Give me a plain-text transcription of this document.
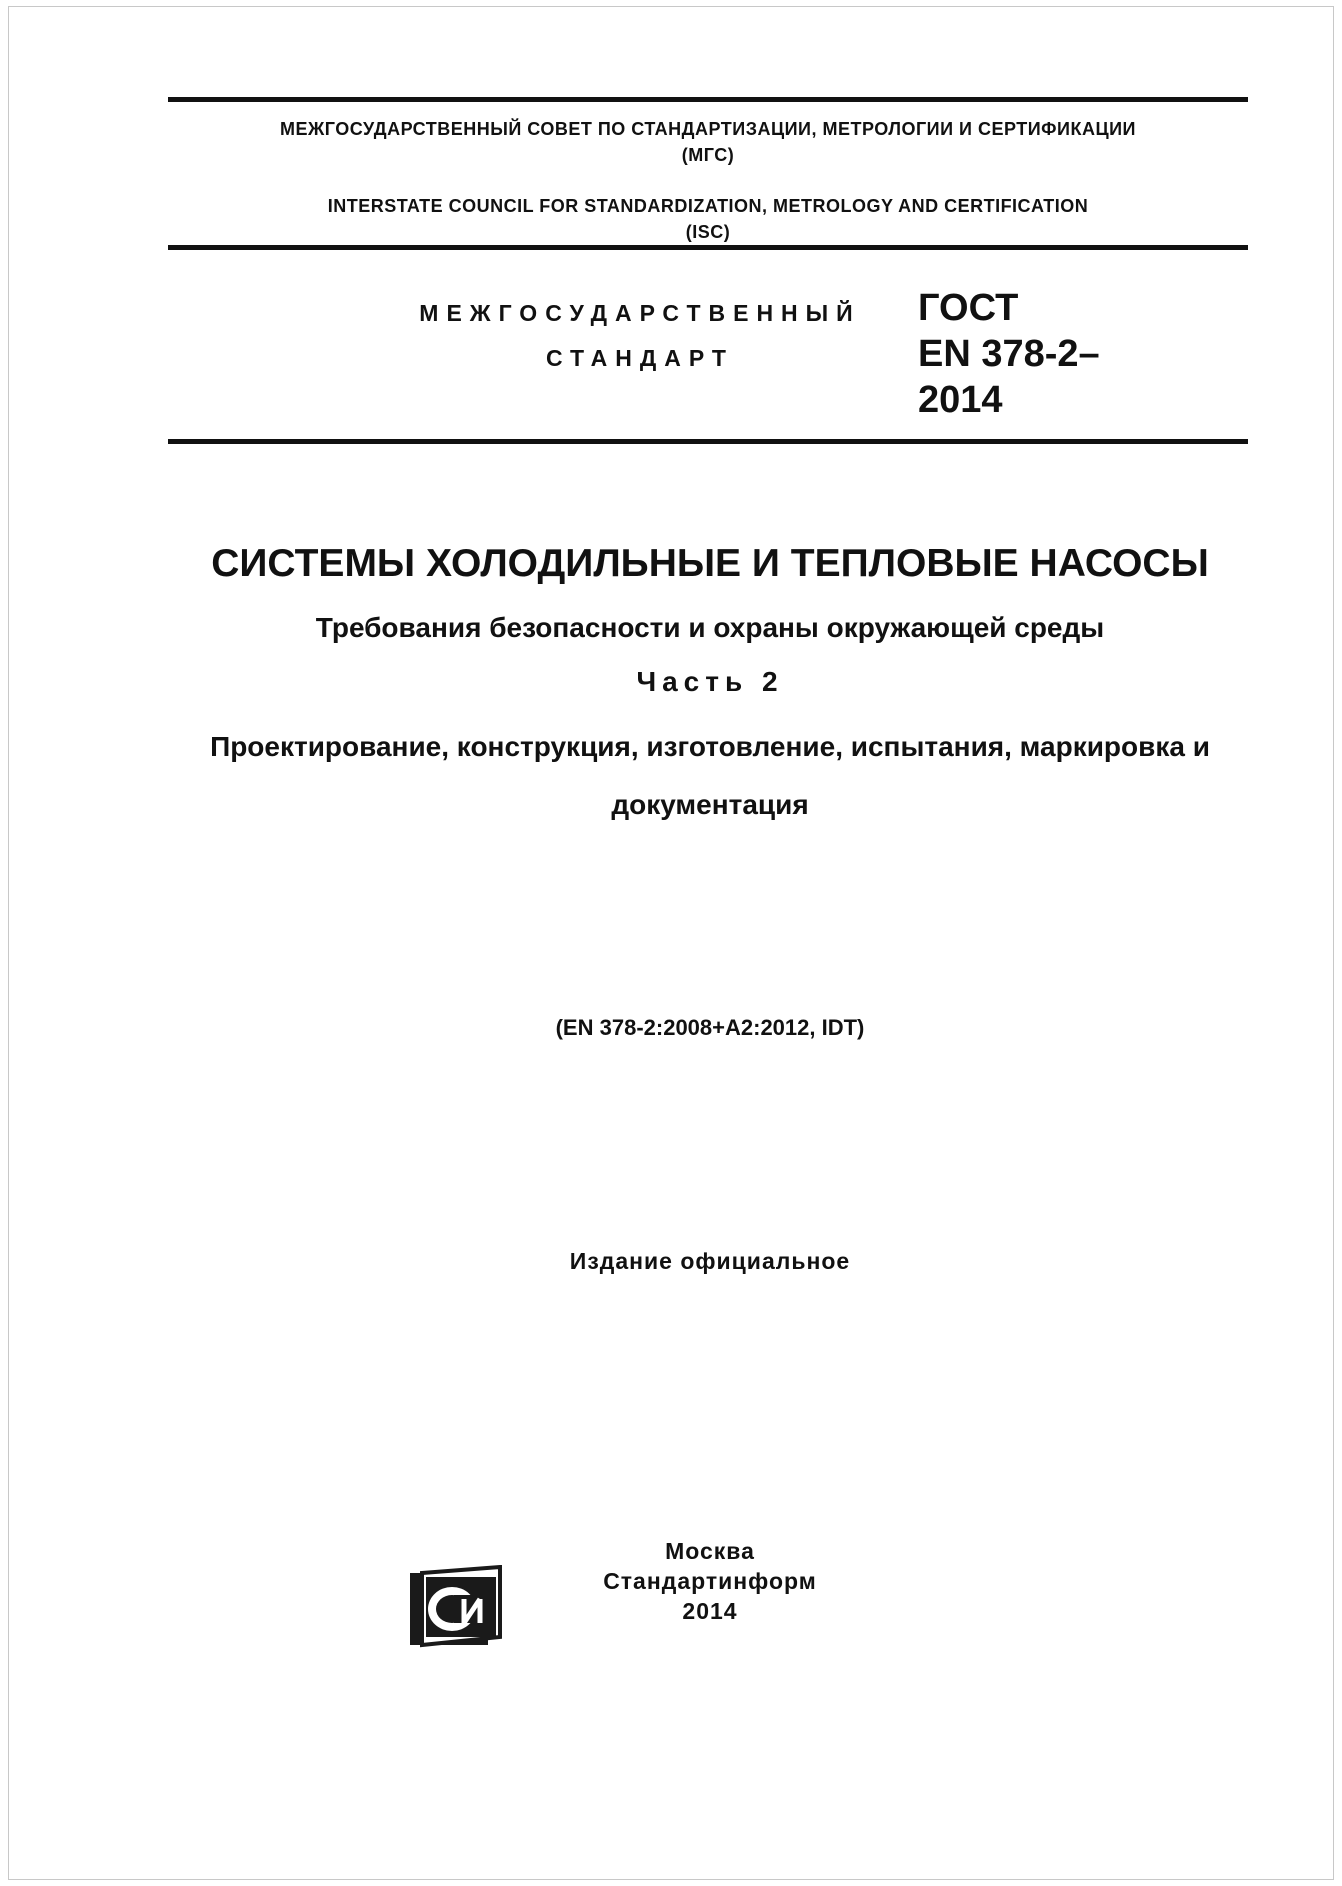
МЕЖГОСУДАРСТВЕННЫЙ СОВЕТ ПО СТАНДАРТИЗАЦИИ, МЕТРОЛОГИИ И СЕРТИФИКАЦИИ
(МГС)
INTERSTATE COUNCIL FOR STANDARDIZATION, METROLOGY AND CERTIFICATION
(ISC)
МЕЖГОСУДАРСТВЕННЫЙ
СТАНДАРТ
ГОСТ
EN 378-2–
2014
СИСТЕМЫ ХОЛОДИЛЬНЫЕ И ТЕПЛОВЫЕ НАСОСЫ
Требования безопасности и охраны окружающей среды
Часть 2
Проектирование, конструкция, изготовление, испытания, маркировка и
документация
(EN 378-2:2008+A2:2012, IDT)
Издание официальное
Москва
Стандартинформ
2014
